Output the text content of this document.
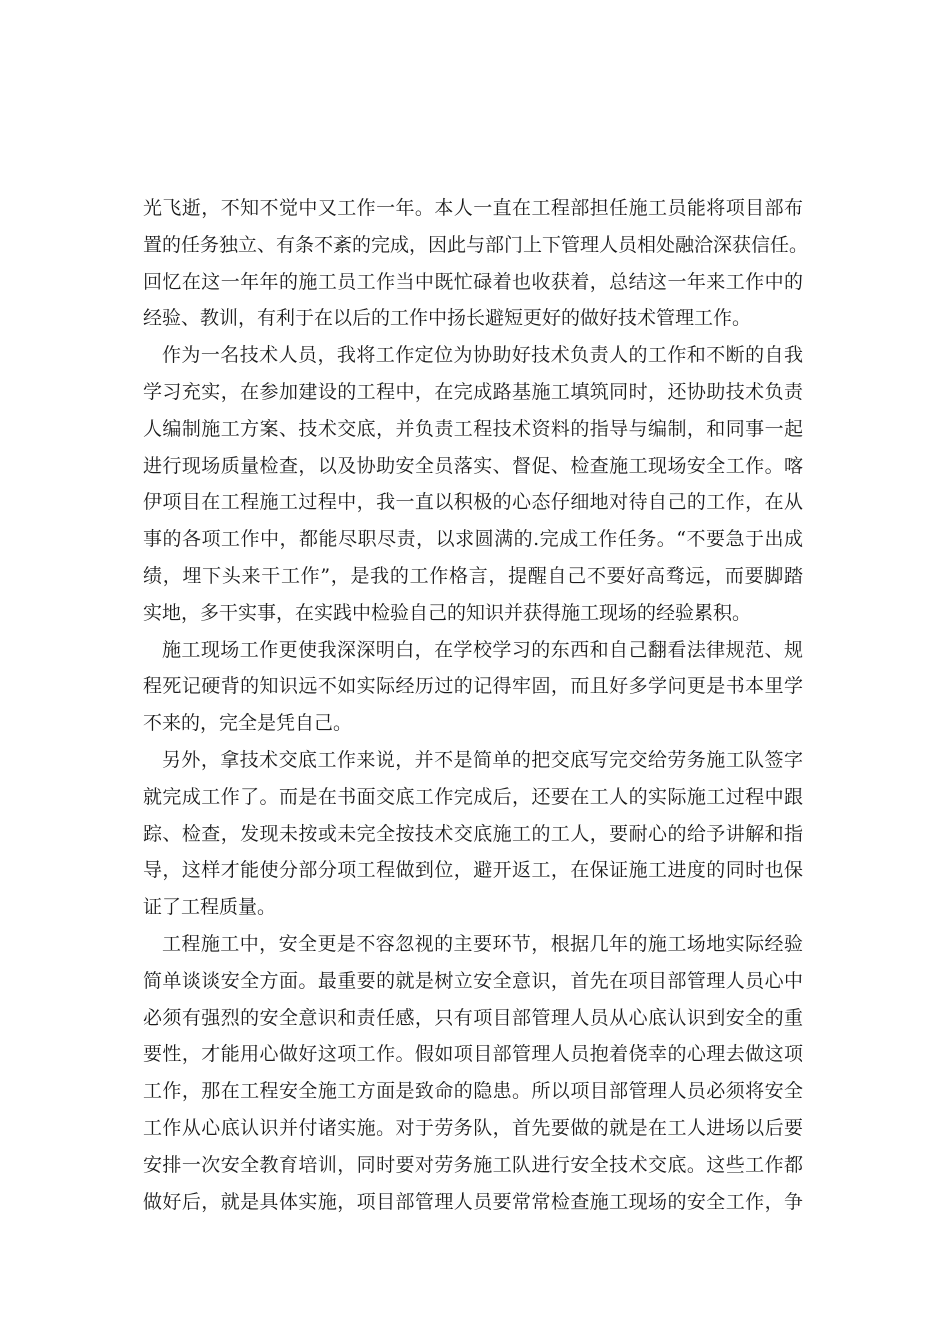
光飞逝，不知不觉中又工作一年。本人一直在工程部担任施工员能将项目部布
置的任务独立、有条不紊的完成，因此与部门上下管理人员相处融洽深获信任。
回忆在这一年年的施工员工作当中既忙碌着也收获着，总结这一年来工作中的
经验、教训，有利于在以后的工作中扬长避短更好的做好技术管理工作。
作为一名技术人员，我将工作定位为协助好技术负责人的工作和不断的自我
学习充实，在参加建设的工程中，在完成路基施工填筑同时，还协助技术负责
人编制施工方案、技术交底，并负责工程技术资料的指导与编制，和同事一起
进行现场质量检查，以及协助安全员落实、督促、检查施工现场安全工作。喀
伊项目在工程施工过程中，我一直以积极的心态仔细地对待自己的工作，在从
事的各项工作中，都能尽职尽责，以求圆满的.完成工作任务。“不要急于出成
绩，埋下头来干工作”，是我的工作格言，提醒自己不要好高骛远，而要脚踏
实地，多干实事，在实践中检验自己的知识并获得施工现场的经验累积。
施工现场工作更使我深深明白，在学校学习的东西和自己翻看法律规范、规
程死记硬背的知识远不如实际经历过的记得牢固，而且好多学问更是书本里学
不来的，完全是凭自己。
另外，拿技术交底工作来说，并不是简单的把交底写完交给劳务施工队签字
就完成工作了。而是在书面交底工作完成后，还要在工人的实际施工过程中跟
踪、检查，发现未按或未完全按技术交底施工的工人，要耐心的给予讲解和指
导，这样才能使分部分项工程做到位，避开返工，在保证施工进度的同时也保
证了工程质量。
工程施工中，安全更是不容忽视的主要环节，根据几年的施工场地实际经验
简单谈谈安全方面。最重要的就是树立安全意识，首先在项目部管理人员心中
必须有强烈的安全意识和责任感，只有项目部管理人员从心底认识到安全的重
要性，才能用心做好这项工作。假如项目部管理人员抱着侥幸的心理去做这项
工作，那在工程安全施工方面是致命的隐患。所以项目部管理人员必须将安全
工作从心底认识并付诸实施。对于劳务队，首先要做的就是在工人进场以后要
安排一次安全教育培训，同时要对劳务施工队进行安全技术交底。这些工作都
做好后，就是具体实施，项目部管理人员要常常检查施工现场的安全工作，争
